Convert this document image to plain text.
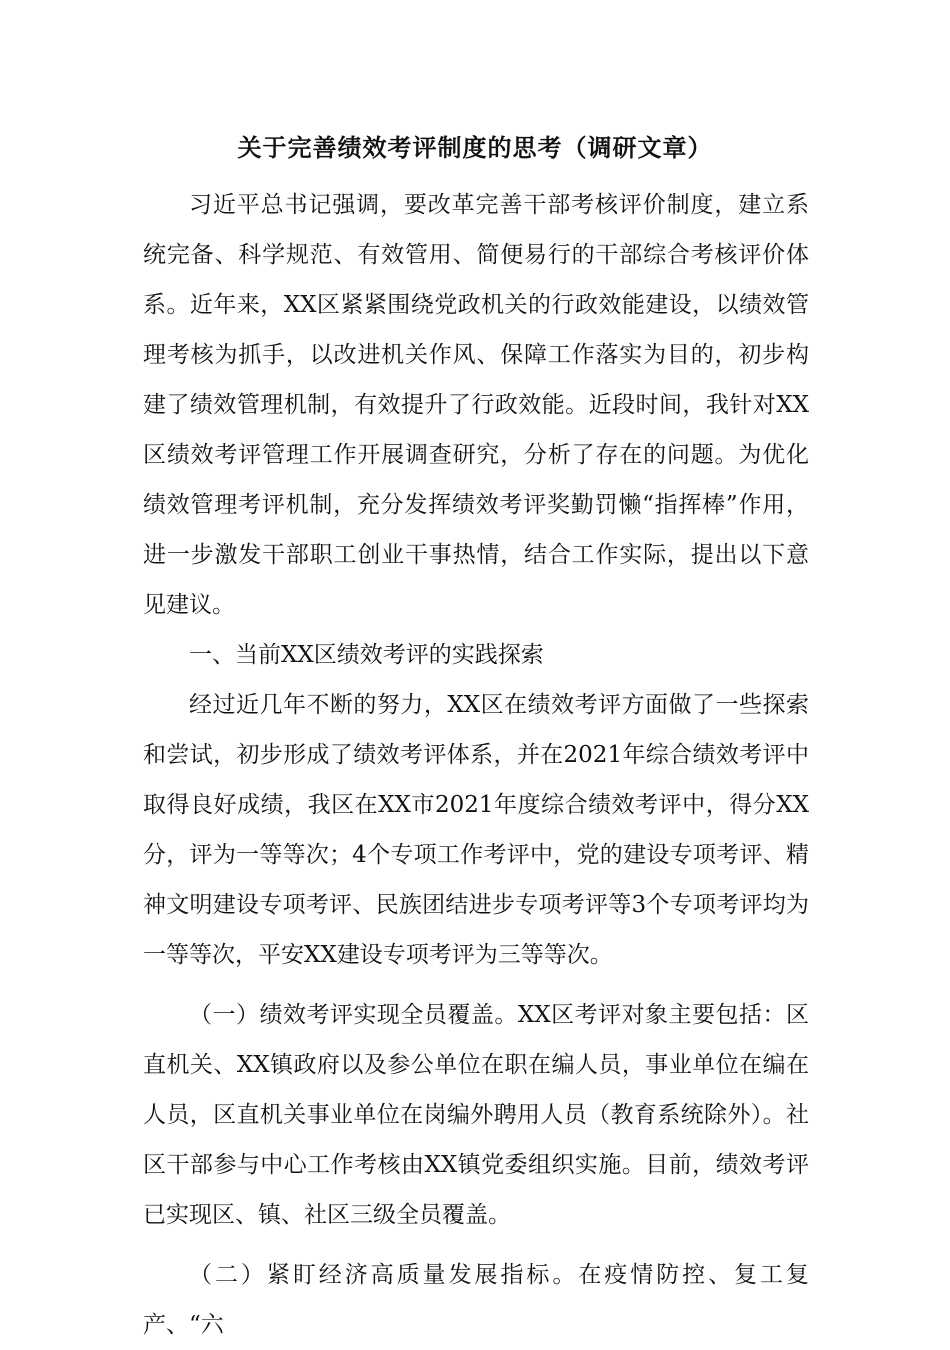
关于完善绩效考评制度的思考（调研文章）

习近平总书记强调，要改革完善干部考核评价制度，建立系统完备、科学规范、有效管用、简便易行的干部综合考核评价体系。近年来，XX区紧紧围绕党政机关的行政效能建设，以绩效管理考核为抓手，以改进机关作风、保障工作落实为目的，初步构建了绩效管理机制，有效提升了行政效能。近段时间，我针对XX区绩效考评管理工作开展调查研究，分析了存在的问题。为优化绩效管理考评机制，充分发挥绩效考评奖勤罚懒“指挥棒”作用，进一步激发干部职工创业干事热情，结合工作实际，提出以下意见建议。

一、当前XX区绩效考评的实践探索

经过近几年不断的努力，XX区在绩效考评方面做了一些探索和尝试，初步形成了绩效考评体系，并在2021年综合绩效考评中取得良好成绩，我区在XX市2021年度综合绩效考评中，得分XX分，评为一等等次；4个专项工作考评中，党的建设专项考评、精神文明建设专项考评、民族团结进步专项考评等3个专项考评均为一等等次，平安XX建设专项考评为三等等次。

（一）绩效考评实现全员覆盖。XX区考评对象主要包括：区直机关、XX镇政府以及参公单位在职在编人员，事业单位在编在人员，区直机关事业单位在岗编外聘用人员（教育系统除外）。社区干部参与中心工作考核由XX镇党委组织实施。目前，绩效考评已实现区、镇、社区三级全员覆盖。

（二）紧盯经济高质量发展指标。在疫情防控、复工复产、“六
